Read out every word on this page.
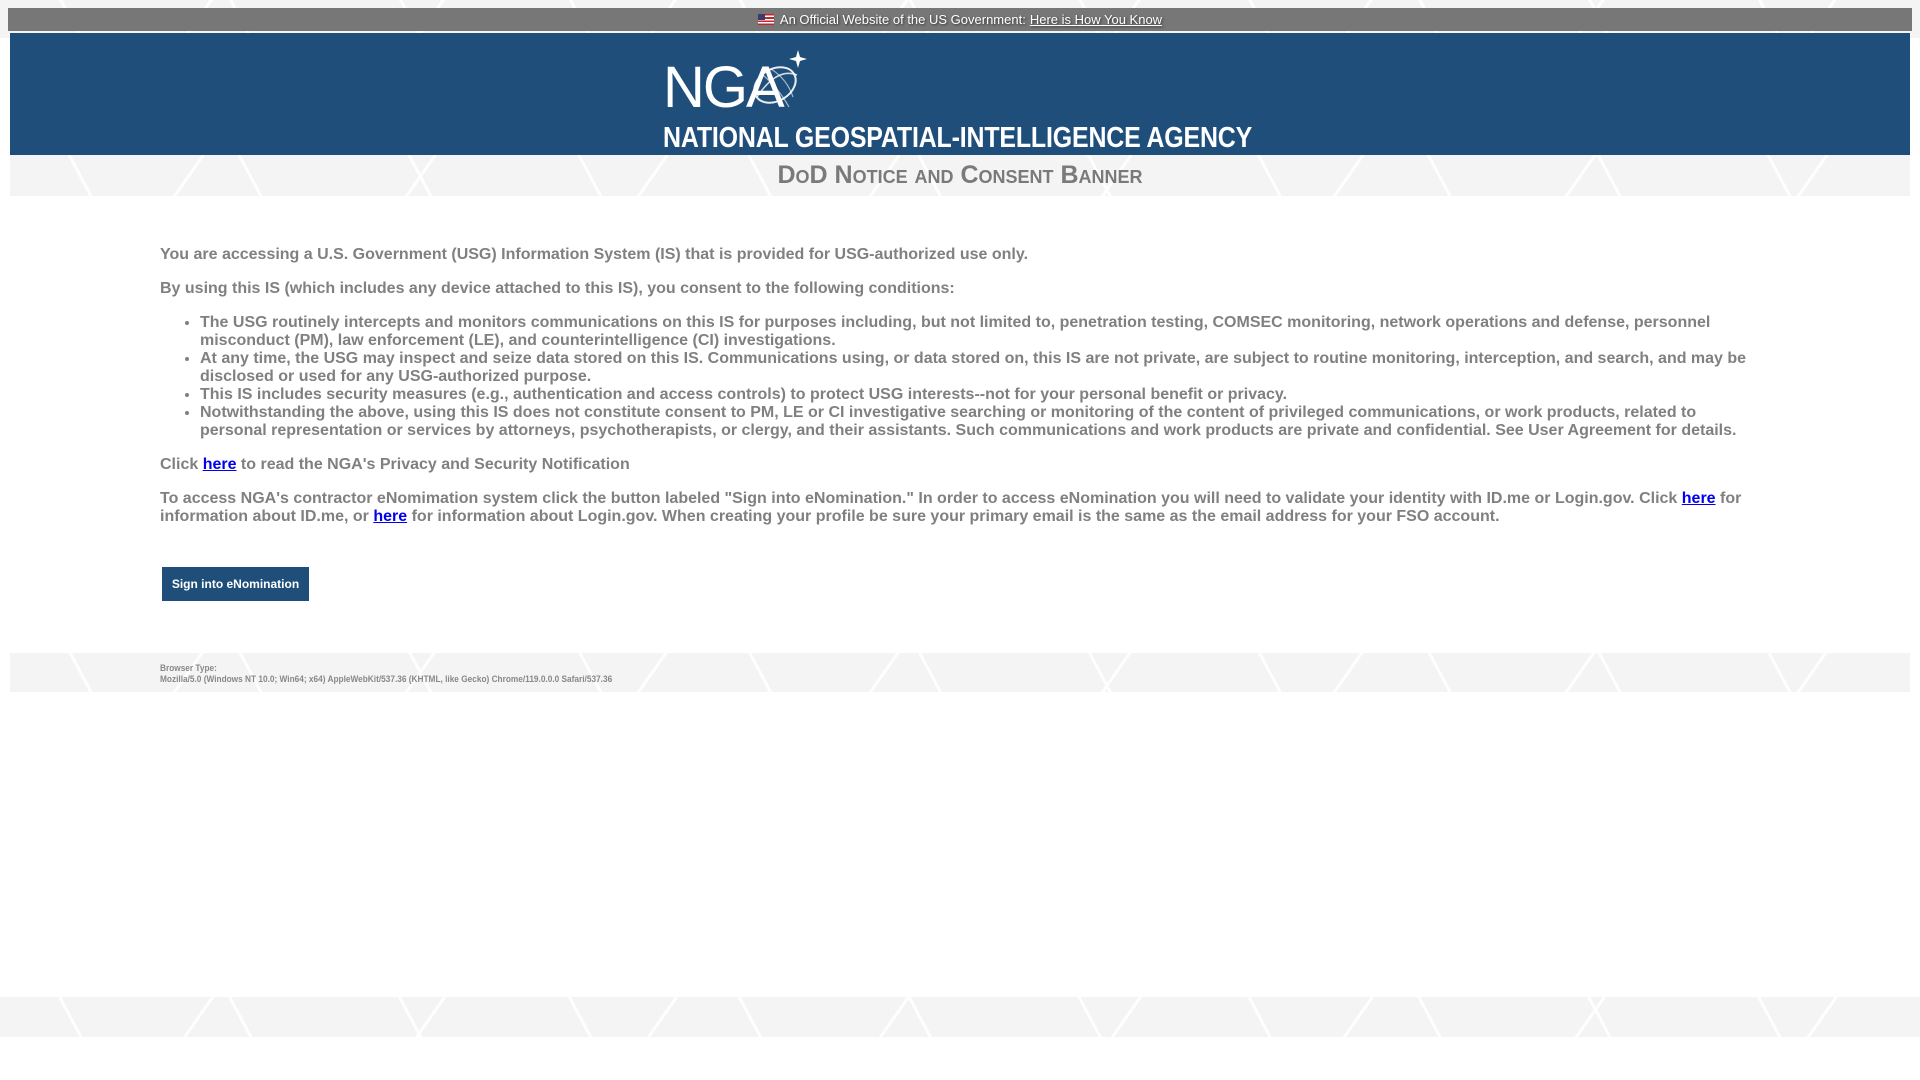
An Official Website of the US Government: Here is How You Know
NGA
NATIONAL GEOSPATIAL-INTELLIGENCE AGENCY
DoD Notice and Consent Banner

You are accessing a U.S. Government (USG) Information System (IS) that is provided for USG-authorized use only.

By using this IS (which includes any device attached to this IS), you consent to the following conditions:

• The USG routinely intercepts and monitors communications on this IS for purposes including, but not limited to, penetration testing, COMSEC monitoring, network operations and defense, personnel misconduct (PM), law enforcement (LE), and counterintelligence (CI) investigations.
• At any time, the USG may inspect and seize data stored on this IS. Communications using, or data stored on, this IS are not private, are subject to routine monitoring, interception, and search, and may be disclosed or used for any USG-authorized purpose.
• This IS includes security measures (e.g., authentication and access controls) to protect USG interests--not for your personal benefit or privacy.
• Notwithstanding the above, using this IS does not constitute consent to PM, LE or CI investigative searching or monitoring of the content of privileged communications, or work products, related to personal representation or services by attorneys, psychotherapists, or clergy, and their assistants. Such communications and work products are private and confidential. See User Agreement for details.

Click here to read the NGA's Privacy and Security Notification

To access NGA's contractor eNomimation system click the button labeled "Sign into eNomination." In order to access eNomination you will need to validate your identity with ID.me or Login.gov. Click here for information about ID.me, or here for information about Login.gov. When creating your profile be sure your primary email is the same as the email address for your FSO account.

Sign into eNomination
Browser Type:
Mozilla/5.0 (Windows NT 10.0; Win64; x64) AppleWebKit/537.36 (KHTML, like Gecko) Chrome/119.0.0.0 Safari/537.36
